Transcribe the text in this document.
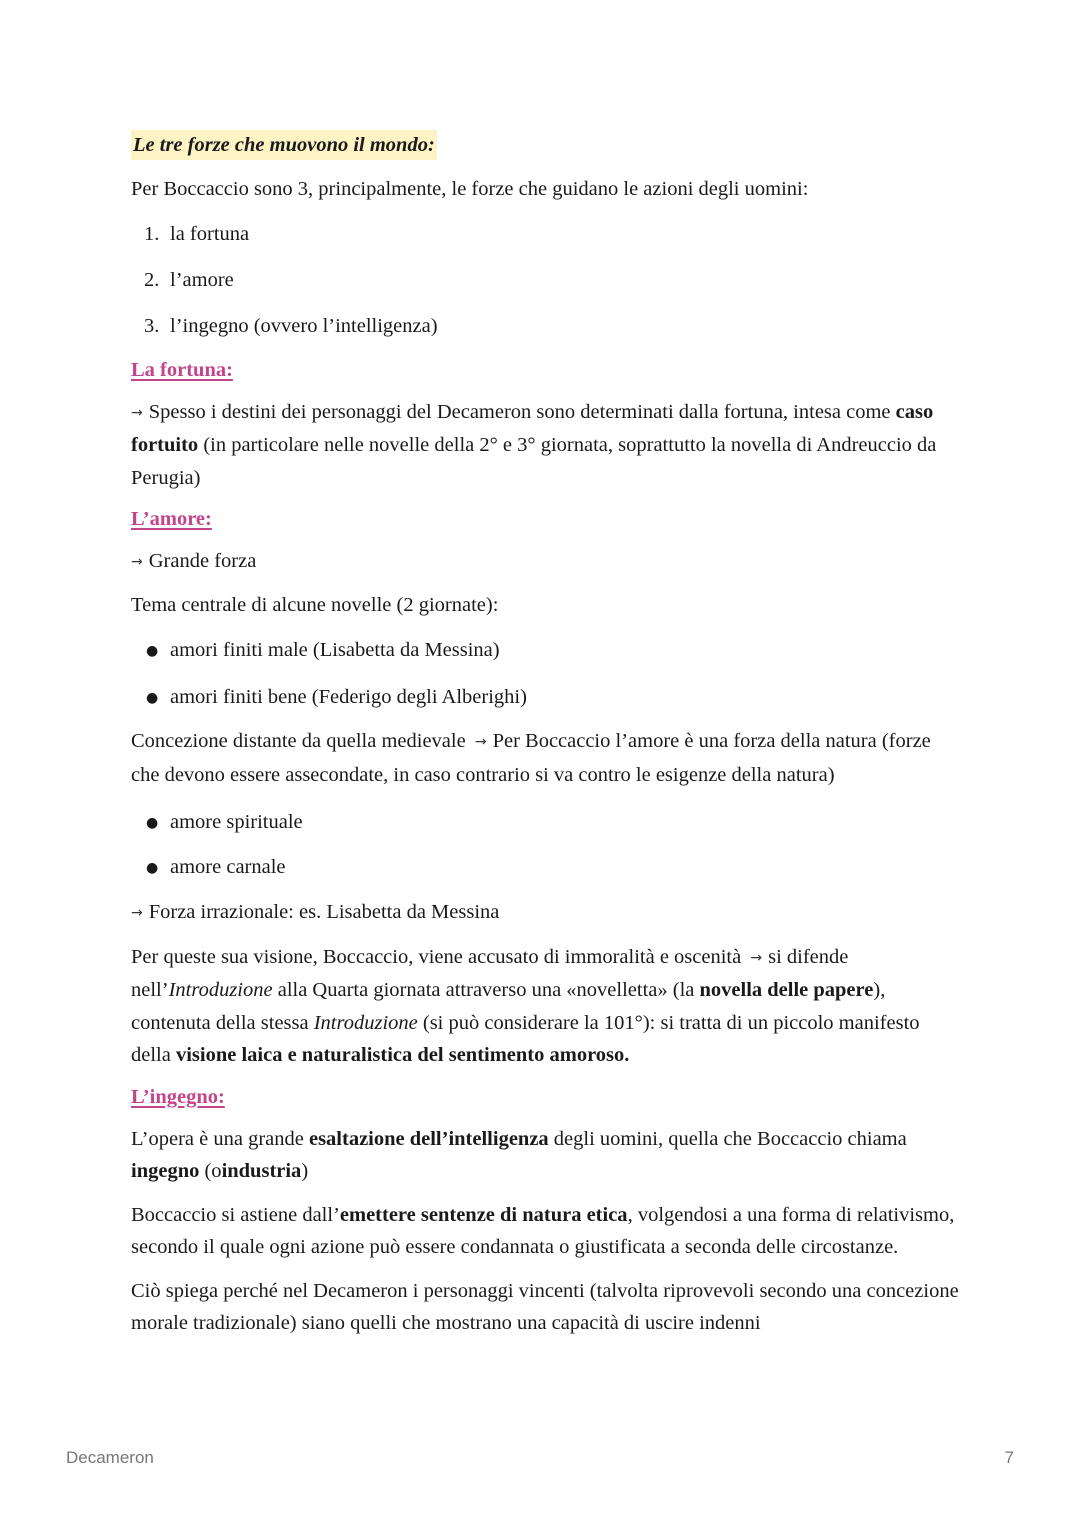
Le tre forze che muovono il mondo:

Per Boccaccio sono 3, principalmente, le forze che guidano le azioni degli uomini:

1. la fortuna
2. l’amore
3. l’ingegno (ovvero l’intelligenza)
La fortuna:

→ Spesso i destini dei personaggi del Decameron sono determinati dalla fortuna, intesa come caso fortuito (in particolare nelle novelle della 2° e 3° giornata, soprattutto la novella di Andreuccio da Perugia)

L’amore:

→ Grande forza

Tema centrale di alcune novelle (2 giornate):

● amori finiti male (Lisabetta da Messina)
● amori finiti bene (Federigo degli Alberighi)

Concezione distante da quella medievale → Per Boccaccio l’amore è una forza della natura (forze che devono essere assecondate, in caso contrario si va contro le esigenze della natura)

● amore spirituale
● amore carnale

→ Forza irrazionale: es. Lisabetta da Messina

Per queste sua visione, Boccaccio, viene accusato di immoralità e oscenità → si difende nell’Introduzione alla Quarta giornata attraverso una «novelletta» (la novella delle papere), contenuta della stessa Introduzione (si può considerare la 101°): si tratta di un piccolo manifesto della visione laica e naturalistica del sentimento amoroso.

L’ingegno:

L’opera è una grande esaltazione dell’intelligenza degli uomini, quella che Boccaccio chiama ingegno (oindustria)

Boccaccio si astiene dall’emettere sentenze di natura etica, volgendosi a una forma di relativismo, secondo il quale ogni azione può essere condannata o giustificata a seconda delle circostanze.

Ciò spiega perché nel Decameron i personaggi vincenti (talvolta riprovevoli secondo una concezione morale tradizionale) siano quelli che mostrano una capacità di uscire indenni

Decameron	7
